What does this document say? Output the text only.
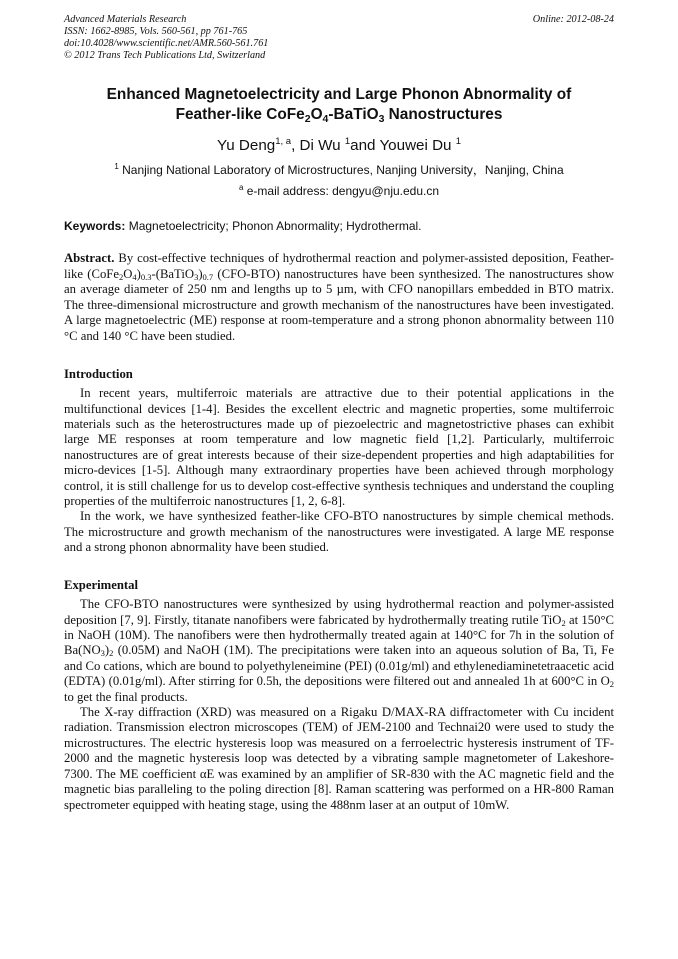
Advanced Materials Research
ISSN: 1662-8985, Vols. 560-561, pp 761-765
doi:10.4028/www.scientific.net/AMR.560-561.761
© 2012 Trans Tech Publications Ltd, Switzerland
Online: 2012-08-24
Enhanced Magnetoelectricity and Large Phonon Abnormality of
Feather-like $CoFe_2O_4-BaTiO_3$ Nanostructures
Yu Deng$^{1, a}$, Di Wu $^1$and Youwei Du $^1$
$^1$ Nanjing National Laboratory of Microstructures, Nanjing University，Nanjing, China
$^a$ e-mail address: dengyu@nju.edu.cn
Keywords: Magnetoelectricity; Phonon Abnormality; Hydrothermal.
Abstract. By cost-effective techniques of hydrothermal reaction and polymer-assisted deposition, Feather-like $(CoFe_2O_4)_{0.3}-(BaTiO_3)_{0.7}$ (CFO-BTO) nanostructures have been synthesized. The nanostructures show an average diameter of 250 nm and lengths up to 5 µm, with CFO nanopillars embedded in BTO matrix. The three-dimensional microstructure and growth mechanism of the nanostructures have been investigated. A large magnetoelectric (ME) response at room-temperature and a strong phonon abnormality between 110 °C and 140 °C have been studied.
Introduction

In recent years, multiferroic materials are attractive due to their potential applications in the multifunctional devices [1-4]. Besides the excellent electric and magnetic properties, some multiferroic materials such as the heterostructures made up of piezoelectric and magnetostrictive phases can exhibit large ME responses at room temperature and low magnetic field [1,2]. Particularly, multiferroic nanostructures are of great interests because of their size-dependent properties and high adaptabilities for micro-devices [1-5]. Although many extraordinary properties have been achieved through morphology control, it is still challenge for us to develop cost-effective synthesis techniques and understand the coupling properties of the multiferroic nanostructures [1, 2, 6-8].

In the work, we have synthesized feather-like CFO-BTO nanostructures by simple chemical methods. The microstructure and growth mechanism of the nanostructures were investigated. A large ME response and a strong phonon abnormality have been studied.

Experimental

The CFO-BTO nanostructures were synthesized by using hydrothermal reaction and polymer-assisted deposition [7, 9]. Firstly, titanate nanofibers were fabricated by hydrothermally treating rutile TiO$_2$ at 150°C in NaOH (10M). The nanofibers were then hydrothermally treated again at 140°C for 7h in the solution of $Ba(NO_3)_2$ (0.05M) and NaOH (1M). The precipitations were taken into an aqueous solution of Ba, Ti, Fe and Co cations, which are bound to polyethyleneimine (PEI) (0.01g/ml) and ethylenediaminetetraacetic acid (EDTA) (0.01g/ml). After stirring for 0.5h, the depositions were filtered out and annealed 1h at 600°C in $O_2$ to get the final products.

The X-ray diffraction (XRD) was measured on a Rigaku D/MAX-RA diffractometer with Cu incident radiation. Transmission electron microscopes (TEM) of JEM-2100 and Technai20 were used to study the microstructures. The electric hysteresis loop was measured on a ferroelectric hysteresis instrument of TF-2000 and the magnetic hysteresis loop was detected by a vibrating sample magnetometer of Lakeshore-7300. The ME coefficient αE was examined by an amplifier of SR-830 with the AC magnetic field and the magnetic bias paralleling to the poling direction [8]. Raman scattering was performed on a HR-800 Raman spectrometer equipped with heating stage, using the 488nm laser at an output of 10mW.
